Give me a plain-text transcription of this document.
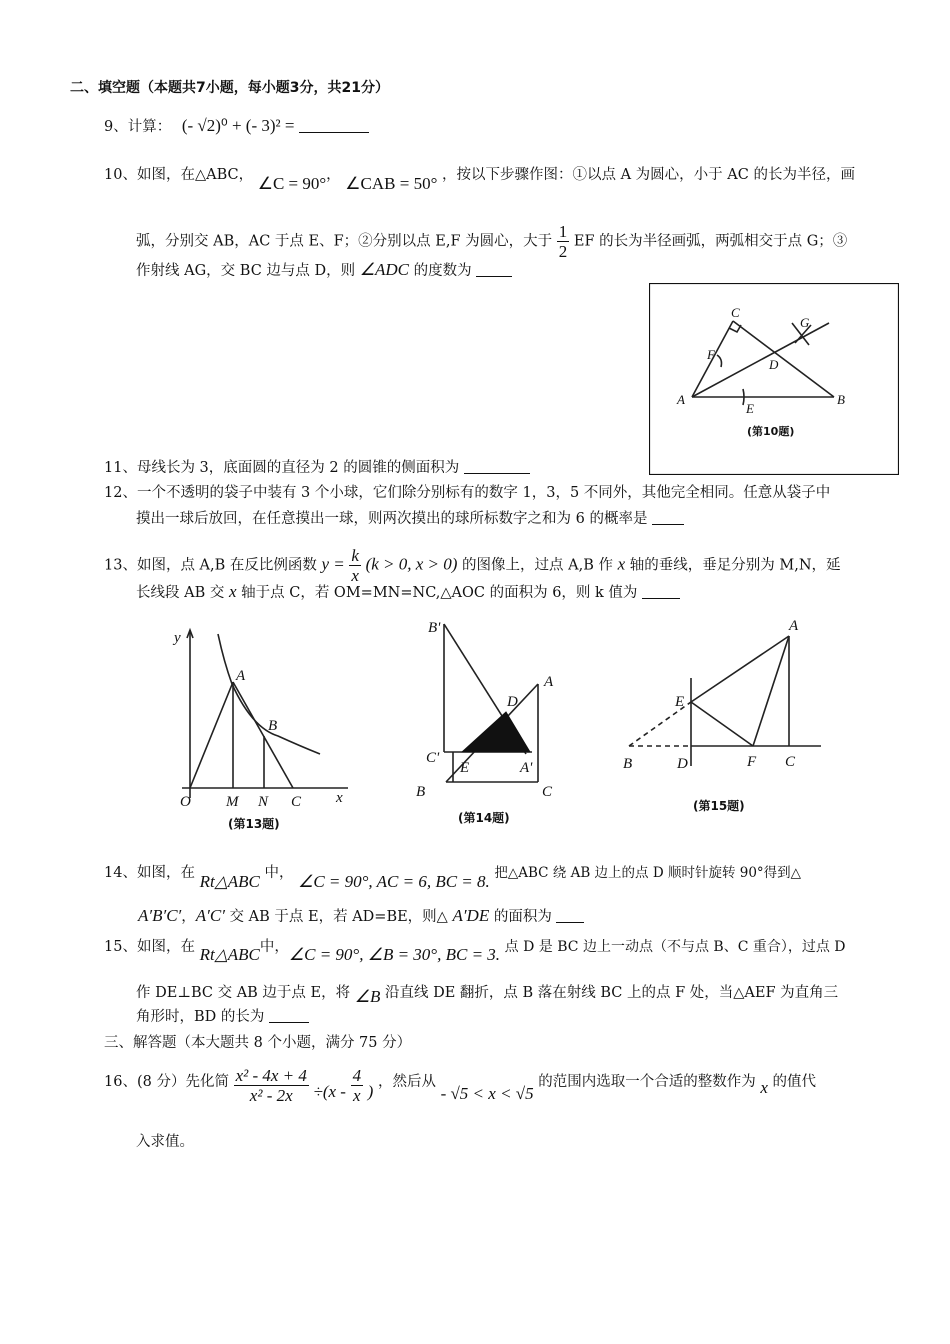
二、填空题（本题共7小题，每小题3分，共21分）
9、计算： (- √2)⁰ + (- 3)² =
10、如图，在△ABC， ∠C = 90°， ∠CAB = 50° ，按以下步骤作图：①以点 A 为圆心，小于 AC 的长为半径，画
弧，分别交 AB，AC 于点 E、F；②分别以点 E,F 为圆心，大于 $\frac{1}{2}$ EF 的长为半径画弧，两弧相交于点 G；③
作射线 AG，交 BC 边与点 D，则 ∠ADC 的度数为
C
G
F
D
A
E
B
(第10题)
11、母线长为 3，底面圆的直径为 2 的圆锥的侧面积为
12、一个不透明的袋子中装有 3 个小球，它们除分别标有的数字 1，3，5 不同外，其他完全相同。任意从袋子中
摸出一球后放回，在任意摸出一球，则两次摸出的球所标数字之和为 6 的概率是
13、如图，点 A,B 在反比例函数 $y = \frac{k}{x} (k > 0$, x > 0) 的图像上，过点 A,B 作 x 轴的垂线，垂足分别为 M,N，延
长线段 AB 交 x 轴于点 C，若 OM=MN=NC,△AOC 的面积为 6，则 k 值为
y
A
B
O M N C x
(第13题)
B'
D
A
C'
E	A'
B	C
(第14题)
A
E
B	D	F C
(第15题)
14、如图，在 Rt△ABC 中， ∠C = 90°, AC = 6, BC = 8. 把△ABC 绕 AB 边上的点 D 顺时针旋转 90°得到△
A′B′C′，A′C′ 交 AB 于点 E，若 AD=BE，则△ A′DE 的面积为
15、如图，在 Rt△ABC中，∠C = 90°, ∠B = 30°, BC = 3. 点 D 是 BC 边上一动点（不与点 B、C 重合），过点 D
作 DE⊥BC 交 AB 边于点 E，将 ∠B 沿直线 DE 翻折，点 B 落在射线 BC 上的点 F 处，当△AEF 为直角三
角形时，BD 的长为
三、解答题（本大题共 8 个小题，满分 75 分）
16、(8 分）先化简 $\frac{\text{x² - 4x + 4}}{\text{x² - 2x}} \div(x - \frac{4}{x}$ ) ，然后从 - √5 < x < √5 的范围内选取一个合适的整数作为 x 的值代
入求值。
